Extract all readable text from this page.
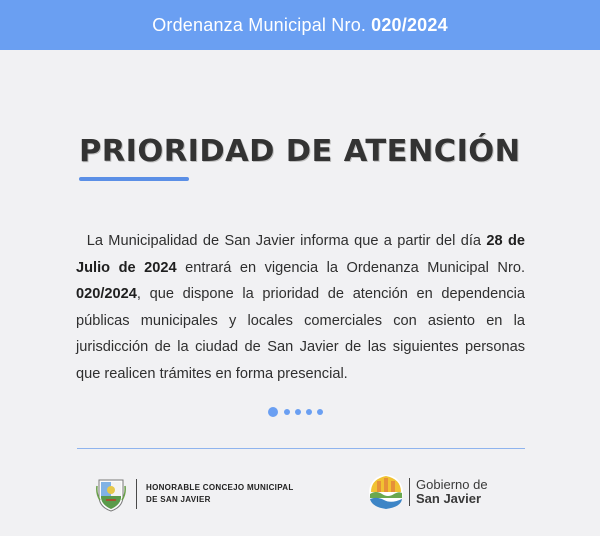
Ordenanza Municipal Nro. 020/2024
PRIORIDAD DE ATENCIÓN
La Municipalidad de San Javier informa que a partir del día 28 de Julio de 2024 entrará en vigencia la Ordenanza Municipal Nro. 020/2024, que dispone la prioridad de atención en dependencia públicas municipales y locales comerciales con asiento en la jurisdicción de la ciudad de San Javier de las siguientes personas que realicen trámites en forma presencial.
HONORABLE CONCEJO MUNICIPAL
DE SAN JAVIER
Gobierno de
San Javier
